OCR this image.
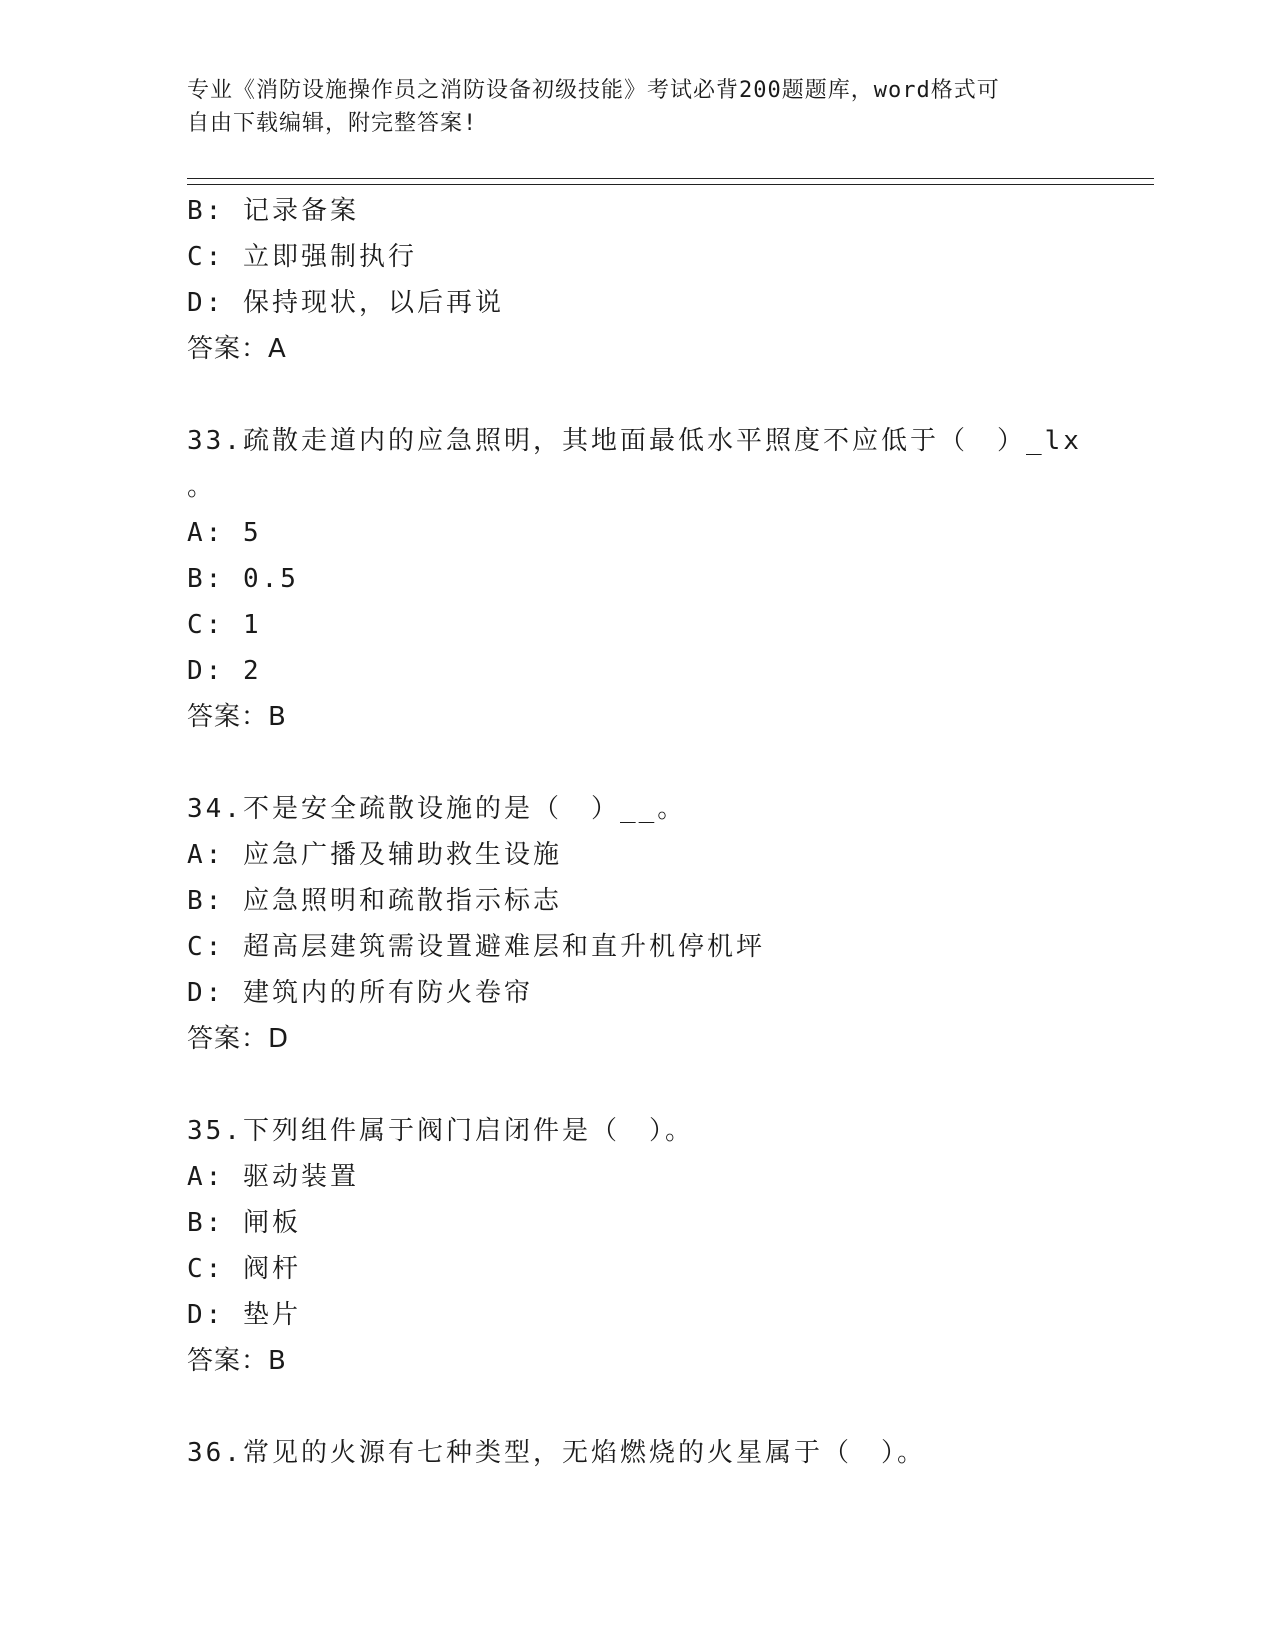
专业《消防设施操作员之消防设备初级技能》考试必背200题题库，word格式可
自由下载编辑，附完整答案!
B: 记录备案
C: 立即强制执行
D: 保持现状，以后再说
答案：A
33.疏散走道内的应急照明，其地面最低水平照度不应低于（　）_lx
。
A: 5
B: 0.5
C: 1
D: 2
答案：B
34.不是安全疏散设施的是（　）__。
A: 应急广播及辅助救生设施
B: 应急照明和疏散指示标志
C: 超高层建筑需设置避难层和直升机停机坪
D: 建筑内的所有防火卷帘
答案：D
35.下列组件属于阀门启闭件是（　）。
A: 驱动装置
B: 闸板
C: 阀杆
D: 垫片
答案：B
36.常见的火源有七种类型，无焰燃烧的火星属于（　）。
